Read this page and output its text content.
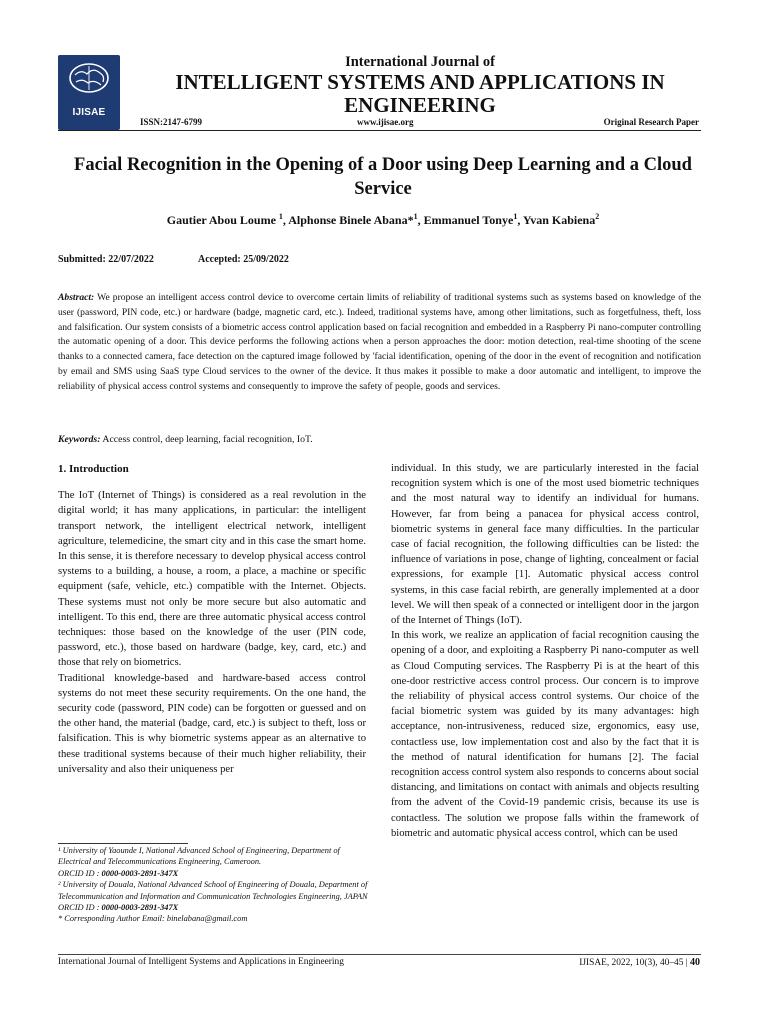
IJISAE
International Journal of
INTELLIGENT SYSTEMS AND APPLICATIONS IN ENGINEERING
ISSN:2147-6799	www.ijisae.org	Original Research Paper
Facial Recognition in the Opening of a Door using Deep Learning and a Cloud Service
Gautier Abou Loume $^1$, Alphonse Binele Abana*$^1$, Emmanuel Tonye$^1$, Yvan Kabiena$^2$
Submitted: 22/07/2022	Accepted: 25/09/2022
Abstract: We propose an intelligent access control device to overcome certain limits of reliability of traditional systems such as systems based on knowledge of the user (password, PIN code, etc.) or hardware (badge, magnetic card, etc.). Indeed, traditional systems have, among other limitations, such as forgetfulness, theft, loss and falsification. Our system consists of a biometric access control application based on facial recognition and embedded in a Raspberry Pi nano-computer controlling the automatic opening of a door. This device performs the following actions when a person approaches the door: motion detection, real-time shooting of the scene thanks to a connected camera, face detection on the captured image followed by 'facial identification, opening of the door in the event of recognition and notification by email and SMS using SaaS type Cloud services to the owner of the device. It thus makes it possible to make a door automatic and intelligent, to improve the reliability of physical access control systems and consequently to improve the safety of people, goods and services.
Keywords: Access control, deep learning, facial recognition, IoT.
1. Introduction

The IoT (Internet of Things) is considered as a real revolution in the digital world; it has many applications, in particular: the intelligent transport network, the intelligent electrical network, intelligent agriculture, telemedicine, the smart city and in this case the smart home. In this sense, it is therefore necessary to develop physical access control systems to a building, a house, a room, a place, a machine or specific equipment (safe, vehicle, etc.) compatible with the Internet. Objects. These systems must not only be more secure but also automatic and intelligent. To this end, there are three automatic physical access control techniques: those based on the knowledge of the user (PIN code, password, etc.), those based on hardware (badge, key, card, etc.) and those that rely on biometrics.

Traditional knowledge-based and hardware-based access control systems do not meet these security requirements. On the one hand, the security code (password, PIN code) can be forgotten or guessed and on the other hand, the material (badge, card, etc.) is subject to theft, loss or falsification. This is why biometric systems appear as an alternative to these traditional systems because of their much higher reliability, their universality and also their uniqueness per

individual. In this study, we are particularly interested in the facial recognition system which is one of the most used biometric techniques and the most natural way to identify an individual for humans. However, far from being a panacea for physical access control, biometric systems in general face many difficulties. In the particular case of facial recognition, the following difficulties can be listed: the influence of variations in pose, change of lighting, concealment or facial expressions, for example [1]. Automatic physical access control systems, in this case facial rebirth, are generally implemented at a door level. We will then speak of a connected or intelligent door in the jargon of the Internet of Things (IoT).

In this work, we realize an application of facial recognition causing the opening of a door, and exploiting a Raspberry Pi nano-computer as well as Cloud Computing services. The Raspberry Pi is at the heart of this one-door restrictive access control process. Our concern is to improve the reliability of physical access control systems. Our choice of the facial biometric system was guided by its many advantages: high acceptance, non-intrusiveness, reduced size, ergonomics, easy use, contactless use, low implementation cost and also by the fact that it is the method of natural identification for humans [2]. The facial recognition access control system also responds to concerns about social distancing, and limitations on contact with animals and objects resulting from the advent of the Covid-19 pandemic crisis, because its use is contactless. The solution we propose falls within the framework of biometric and automatic physical access control, which can be used

¹ University of Yaounde I, National Advanced School of Engineering, Department of Electrical and Telecommunications Engineering, Cameroon.

ORCID ID : 0000-0003-2891-347X

² University of Douala, National Advanced School of Engineering of Douala, Department of Telecommunication and Information and Communication Technologies Engineering, JAPAN

ORCID ID : 0000-0003-2891-347X

* Corresponding Author Email: binelabana@gmail.com

International Journal of Intelligent Systems and Applications in Engineering	IJISAE, 2022, 10(3), 40–45 | 40
